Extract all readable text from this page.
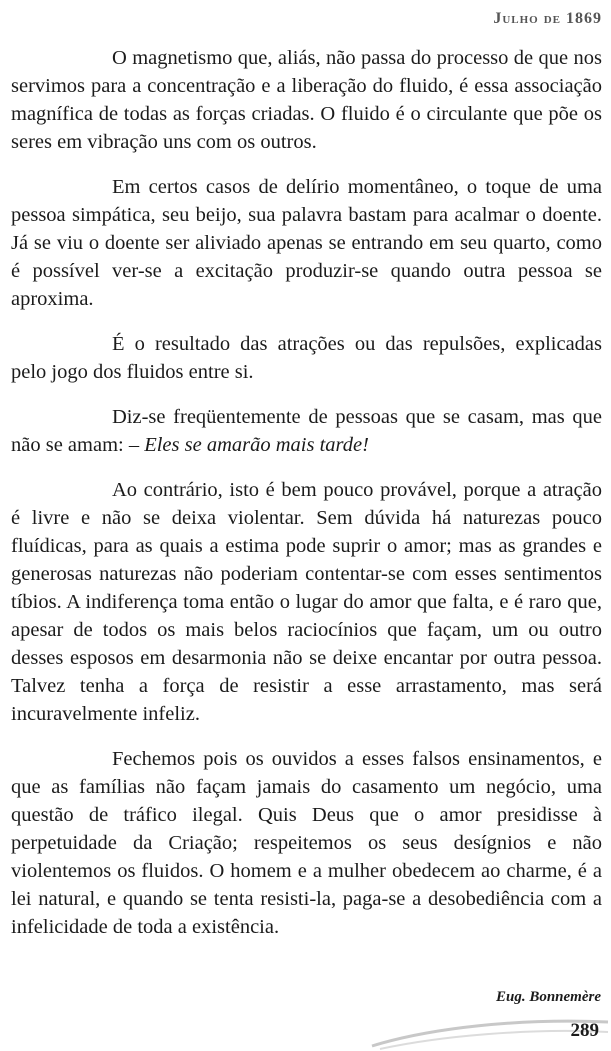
Julho de 1869

O magnetismo que, aliás, não passa do processo de que nos servimos para a concentração e a liberação do fluido, é essa associação magnífica de todas as forças criadas. O fluido é o circulante que põe os seres em vibração uns com os outros.

Em certos casos de delírio momentâneo, o toque de uma pessoa simpática, seu beijo, sua palavra bastam para acalmar o doente. Já se viu o doente ser aliviado apenas se entrando em seu quarto, como é possível ver-se a excitação produzir-se quando outra pessoa se aproxima.

É o resultado das atrações ou das repulsões, explicadas pelo jogo dos fluidos entre si.

Diz-se freqüentemente de pessoas que se casam, mas que não se amam: – Eles se amarão mais tarde!

Ao contrário, isto é bem pouco provável, porque a atração é livre e não se deixa violentar. Sem dúvida há naturezas pouco fluídicas, para as quais a estima pode suprir o amor; mas as grandes e generosas naturezas não poderiam contentar-se com esses sentimentos tíbios. A indiferença toma então o lugar do amor que falta, e é raro que, apesar de todos os mais belos raciocínios que façam, um ou outro desses esposos em desarmonia não se deixe encantar por outra pessoa. Talvez tenha a força de resistir a esse arrastamento, mas será incuravelmente infeliz.

Fechemos pois os ouvidos a esses falsos ensinamentos, e que as famílias não façam jamais do casamento um negócio, uma questão de tráfico ilegal. Quis Deus que o amor presidisse à perpetuidade da Criação; respeitemos os seus desígnios e não violentemos os fluidos. O homem e a mulher obedecem ao charme, é a lei natural, e quando se tenta resisti-la, paga-se a desobediência com a infelicidade de toda a existência.

Eug. Bonnemère
289
